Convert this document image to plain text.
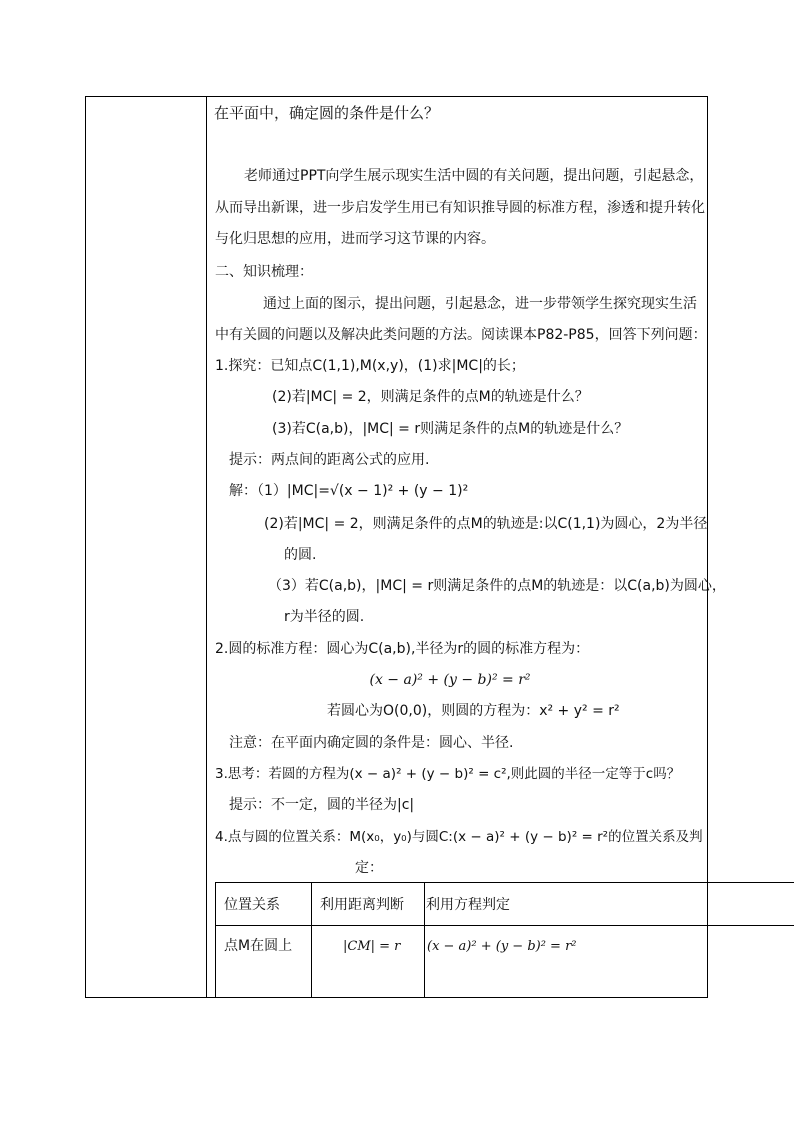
在平面中，确定圆的条件是什么？
老师通过PPT向学生展示现实生活中圆的有关问题，提出问题，引起悬念，
从而导出新课，进一步启发学生用已有知识推导圆的标准方程，渗透和提升转化
与化归思想的应用，进而学习这节课的内容。
二、知识梳理：
通过上面的图示，提出问题，引起悬念，进一步带领学生探究现实生活
中有关圆的问题以及解决此类问题的方法。阅读课本P82-P85，回答下列问题：
1.探究：已知点C(1,1),M(x,y)，(1)求|MC|的长；
(2)若|MC| = 2，则满足条件的点M的轨迹是什么？
(3)若C(a,b)，|MC| = r则满足条件的点M的轨迹是什么？
提示：两点间的距离公式的应用.
解：（1）|MC|=√(x − 1)² + (y − 1)²
(2)若|MC| = 2，则满足条件的点M的轨迹是:以C(1,1)为圆心，2为半径
的圆.
（3）若C(a,b)，|MC| = r则满足条件的点M的轨迹是：以C(a,b)为圆心，
r为半径的圆.
2.圆的标准方程：圆心为C(a,b),半径为r的圆的标准方程为：
(x − a)² + (y − b)² = r²
若圆心为O(0,0)，则圆的方程为：x² + y² = r²
注意：在平面内确定圆的条件是：圆心、半径.
3.思考：若圆的方程为(x − a)² + (y − b)² = c²,则此圆的半径一定等于c吗？
提示：不一定，圆的半径为|c|
4.点与圆的位置关系：M(x₀，y₀)与圆C:(x − a)² + (y − b)² = r²的位置关系及判
定：
位置关系	利用距离判断 利用方程判定
点M在圆上	|CM| = r (x − a)² + (y − b)² = r²
